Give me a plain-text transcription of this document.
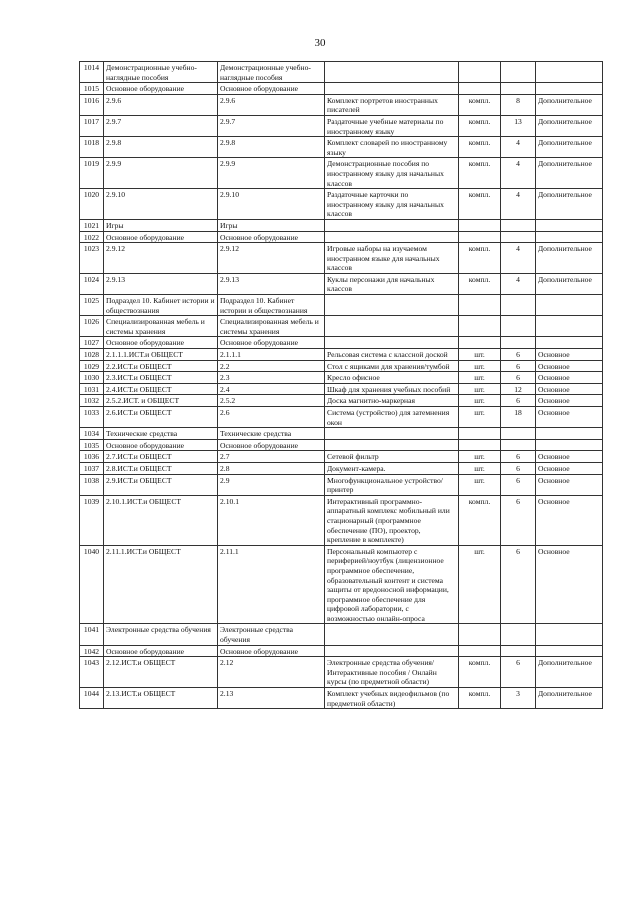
30
1014	Демонстрационные учебно-наглядные пособия	Демонстрационные учебно-наглядные пособия				
1015	Основное оборудование	Основное оборудование				
1016	2.9.6	2.9.6	Комплект портретов иностранных писателей	компл.	8	Дополнительное
1017	2.9.7	2.9.7	Раздаточные учебные материалы по иностранному языку	компл.	13	Дополнительное
1018	2.9.8	2.9.8	Комплект словарей по иностранному языку	компл.	4	Дополнительное
1019	2.9.9	2.9.9	Демонстрационные пособия по иностранному языку для начальных классов	компл.	4	Дополнительное
1020	2.9.10	2.9.10	Раздаточные карточки по иностранному языку для начальных классов	компл.	4	Дополнительное
1021	Игры	Игры				
1022	Основное оборудование	Основное оборудование				
1023	2.9.12	2.9.12	Игровые наборы на изучаемом иностранном языке для начальных классов	компл.	4	Дополнительное
1024	2.9.13	2.9.13	Куклы персонажи для начальных классов	компл.	4	Дополнительное
1025	Подраздел 10. Кабинет истории и обществознания	Подраздел 10. Кабинет истории и обществознания				
1026	Специализированная мебель и системы хранения	Специализированная мебель и системы хранения				
1027	Основное оборудование	Основное оборудование				
1028	2.1.1.1.ИСТ.и ОБЩЕСТ	2.1.1.1	Рельсовая система с классной доской	шт.	6	Основное
1029	2.2.ИСТ.и ОБЩЕСТ	2.2	Стол с ящиками для хранения/тумбой	шт.	6	Основное
1030	2.3.ИСТ.и ОБЩЕСТ	2.3	Кресло офисное	шт.	6	Основное
1031	2.4.ИСТ.и ОБЩЕСТ	2.4	Шкаф для хранения учебных пособий	шт.	12	Основное
1032	2.5.2.ИСТ. и ОБЩЕСТ	2.5.2	Доска магнитно-маркерная	шт.	6	Основное
1033	2.6.ИСТ.и ОБЩЕСТ	2.6	Система (устройство) для затемнения окон	шт.	18	Основное
1034	Технические средства	Технические средства				
1035	Основное оборудование	Основное оборудование				
1036	2.7.ИСТ.и ОБЩЕСТ	2.7	Сетевой фильтр	шт.	6	Основное
1037	2.8.ИСТ.и ОБЩЕСТ	2.8	Документ-камера.	шт.	6	Основное
1038	2.9.ИСТ.и ОБЩЕСТ	2.9	Многофункциональное устройство/принтер	шт.	6	Основное
1039	2.10.1.ИСТ.и ОБЩЕСТ	2.10.1	Интерактивный программно-аппаратный комплекс мобильный или стационарный (программное обеспечение (ПО), проектор, крепление в комплекте)	компл.	6	Основное
1040	2.11.1.ИСТ.и ОБЩЕСТ	2.11.1	Персональный компьютер с периферией/ноутбук (лицензионное программное обеспечение, образовательный контент и система защиты от вредоносной информации, программное обеспечение для цифровой лаборатории, с возможностью онлайн-опроса	шт.	6	Основное
1041	Электронные средства обучения	Электронные средства обучения				
1042	Основное оборудование	Основное оборудование				
1043	2.12.ИСТ.и ОБЩЕСТ	2.12	Электронные средства обучения/Интерактивные пособия / Онлайн курсы (по предметной области)	компл.	6	Дополнительное
1044	2.13.ИСТ.и ОБЩЕСТ	2.13	Комплект учебных видеофильмов (по предметной области)	компл.	3	Дополнительное
